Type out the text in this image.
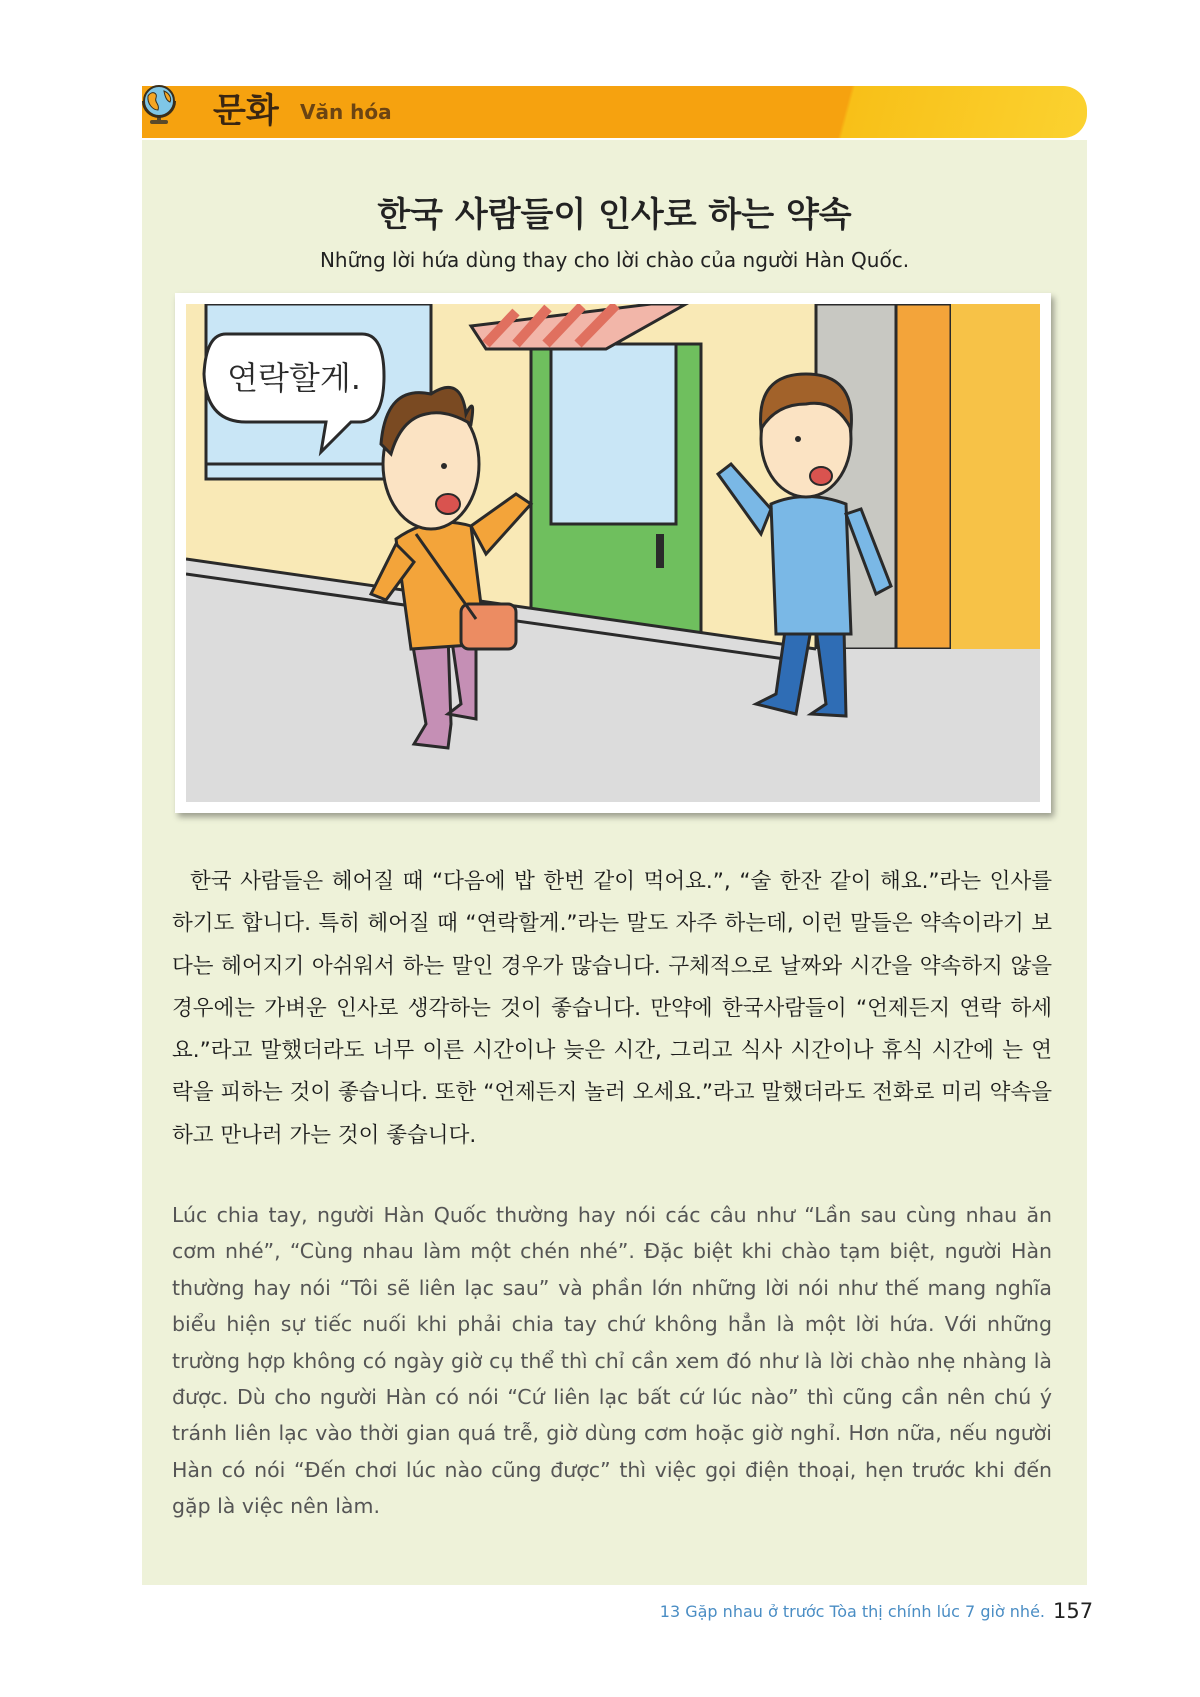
문화 Văn hóa
한국 사람들이 인사로 하는 약속
Những lời hứa dùng thay cho lời chào của người Hàn Quốc.
연락할게.

한국 사람들은 헤어질 때 “다음에 밥 한번 같이 먹어요.”, “술 한잔 같이 해요.”라는 인사를 하기도 합니다. 특히 헤어질 때 “연락할게.”라는 말도 자주 하는데, 이런 말들은 약속이라기 보다는 헤어지기 아쉬워서 하는 말인 경우가 많습니다. 구체적으로 날짜와 시간을 약속하지 않을 경우에는 가벼운 인사로 생각하는 것이 좋습니다. 만약에 한국사람들이 “언제든지 연락 하세요.”라고 말했더라도 너무 이른 시간이나 늦은 시간, 그리고 식사 시간이나 휴식 시간에 는 연락을 피하는 것이 좋습니다. 또한 “언제든지 놀러 오세요.”라고 말했더라도 전화로 미리 약속을 하고 만나러 가는 것이 좋습니다.

Lúc chia tay, người Hàn Quốc thường hay nói các câu như “Lần sau cùng nhau ăn cơm nhé”, “Cùng nhau làm một chén nhé”. Đặc biệt khi chào tạm biệt, người Hàn thường hay nói “Tôi sẽ liên lạc sau” và phần lớn những lời nói như thế mang nghĩa biểu hiện sự tiếc nuối khi phải chia tay chứ không hẳn là một lời hứa. Với những trường hợp không có ngày giờ cụ thể thì chỉ cần xem đó như là lời chào nhẹ nhàng là được. Dù cho người Hàn có nói “Cứ liên lạc bất cứ lúc nào” thì cũng cần nên chú ý tránh liên lạc vào thời gian quá trễ, giờ dùng cơm hoặc giờ nghỉ. Hơn nữa, nếu người Hàn có nói “Đến chơi lúc nào cũng được” thì việc gọi điện thoại, hẹn trước khi đến gặp là việc nên làm.

13 Gặp nhau ở trước Tòa thị chính lúc 7 giờ nhé. 157
